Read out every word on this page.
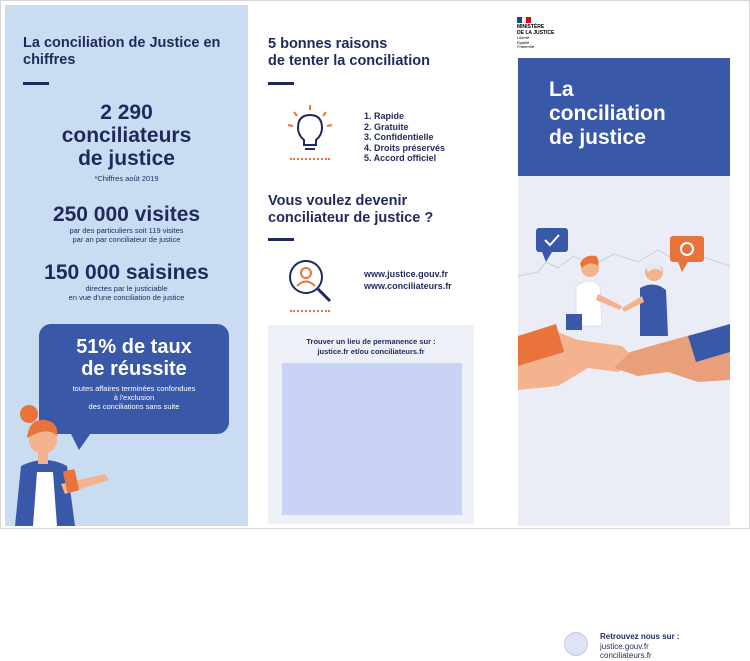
La conciliation de Justice en chiffres
2 290
conciliateurs
de justice
*Chiffres août 2019
250 000 visites
par des particuliers soit 119 visites
par an par conciliateur de justice
150 000 saisines
directes par le justiciable
en vue d'une conciliation de justice
51% de taux
de réussite
toutes affaires terminées confondues
à l'exclusion
des conciliations sans suite
5 bonnes raisons
de tenter la conciliation
1. Rapide
2. Gratuite
3. Confidentielle
4. Droits préservés
5. Accord officiel
Vous voulez devenir
conciliateur de justice ?
www.justice.gouv.fr
www.conciliateurs.fr

Trouver un lieu de permanence sur :
justice.fr et/ou conciliateurs.fr

MINISTÈRE
DE LA JUSTICE
Liberté
Égalité
Fraternité
La
conciliation
de justice
Retrouvez nous sur :
justice.gouv.fr
conciliateurs.fr
